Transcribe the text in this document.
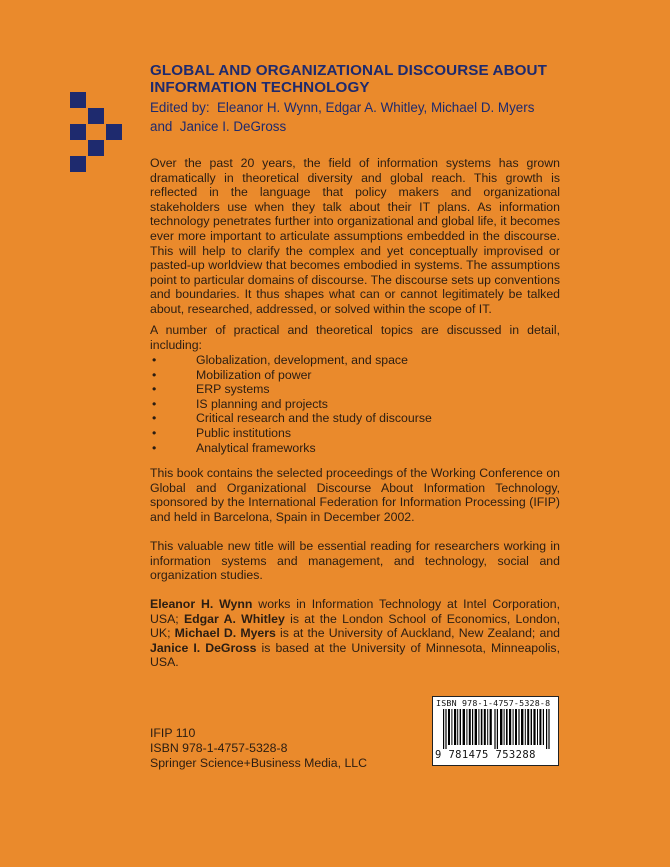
GLOBAL AND ORGANIZATIONAL DISCOURSE ABOUT
INFORMATION TECHNOLOGY
Edited by:  Eleanor H. Wynn, Edgar A. Whitley, Michael D. Myers
and  Janice I. DeGross
Over the past 20 years, the field of information systems has grown dramatically in theoretical diversity and global reach. This growth is reflected in the language that policy makers and organizational stakeholders use when they talk about their IT plans. As information technology penetrates further into organizational and global life, it becomes ever more important to articulate assumptions embedded in the discourse. This will help to clarify the complex and yet conceptually improvised or pasted-up worldview that becomes embodied in systems. The assumptions point to particular domains of discourse. The discourse sets up conventions and boundaries. It thus shapes what can or cannot legitimately be talked about, researched, addressed, or solved within the scope of IT.
A number of practical and theoretical topics are discussed in detail, including:
•	Globalization, development, and space
•	Mobilization of power
•	ERP systems
•	IS planning and projects
•	Critical research and the study of discourse
•	Public institutions
•	Analytical frameworks
This book contains the selected proceedings of the Working Conference on Global and Organizational Discourse About Information Technology, sponsored by the International Federation for Information Processing (IFIP) and held in Barcelona, Spain in December 2002.
This valuable new title will be essential reading for researchers working in information systems and management, and technology, social and organization studies.
Eleanor H. Wynn works in Information Technology at Intel Corporation, USA; Edgar A. Whitley is at the London School of Economics, London, UK; Michael D. Myers is at the University of Auckland, New Zealand; and Janice I. DeGross is based at the University of Minnesota, Minneapolis, USA.
ISBN 978-1-4757-5328-8
9 781475 753288
IFIP 110
ISBN 978-1-4757-5328-8
Springer Science+Business Media, LLC
